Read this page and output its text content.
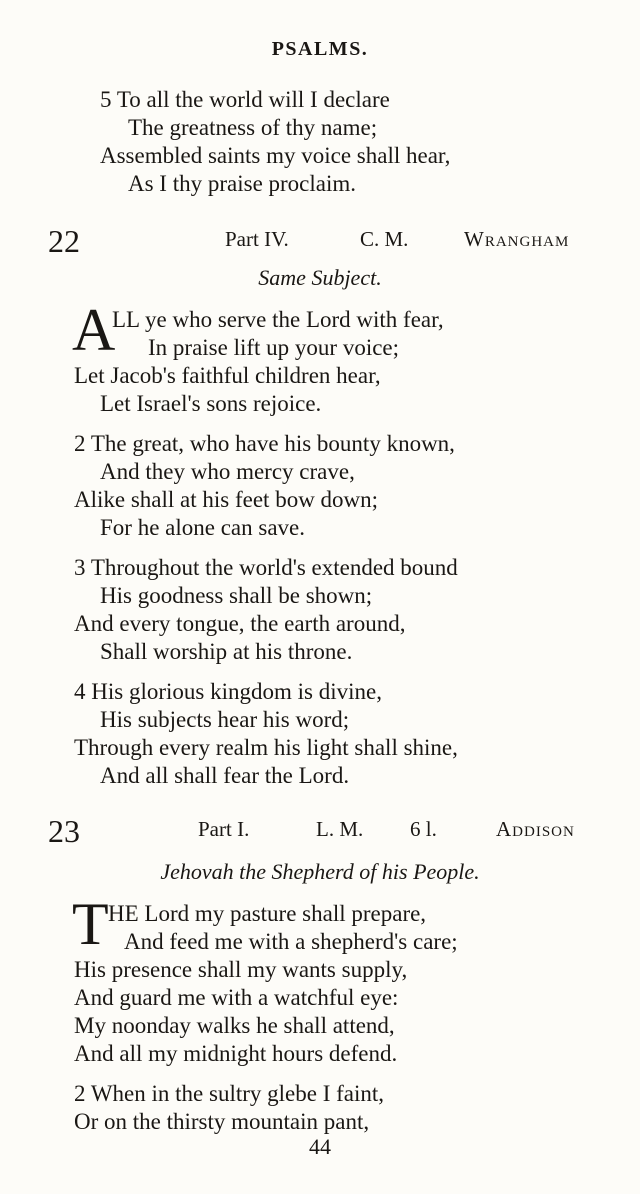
PSALMS.
5 To all the world will I declare
The greatness of thy name;
Assembled saints my voice shall hear,
As I thy praise proclaim.
22	Part IV.	C. M.	Wrangham
Same Subject.
A
LL ye who serve the Lord with fear,
In praise lift up your voice;
Let Jacob's faithful children hear,
Let Israel's sons rejoice.
2 The great, who have his bounty known,
And they who mercy crave,
Alike shall at his feet bow down;
For he alone can save.
3 Throughout the world's extended bound
His goodness shall be shown;
And every tongue, the earth around,
Shall worship at his throne.
4 His glorious kingdom is divine,
His subjects hear his word;
Through every realm his light shall shine,
And all shall fear the Lord.
23	Part I.	L. M. 6 l.	Addison
Jehovah the Shepherd of his People.
T HE Lord my pasture shall prepare,
And feed me with a shepherd's care;
His presence shall my wants supply,
And guard me with a watchful eye:
My noonday walks he shall attend,
And all my midnight hours defend.
2 When in the sultry glebe I faint,
Or on the thirsty mountain pant,
44
